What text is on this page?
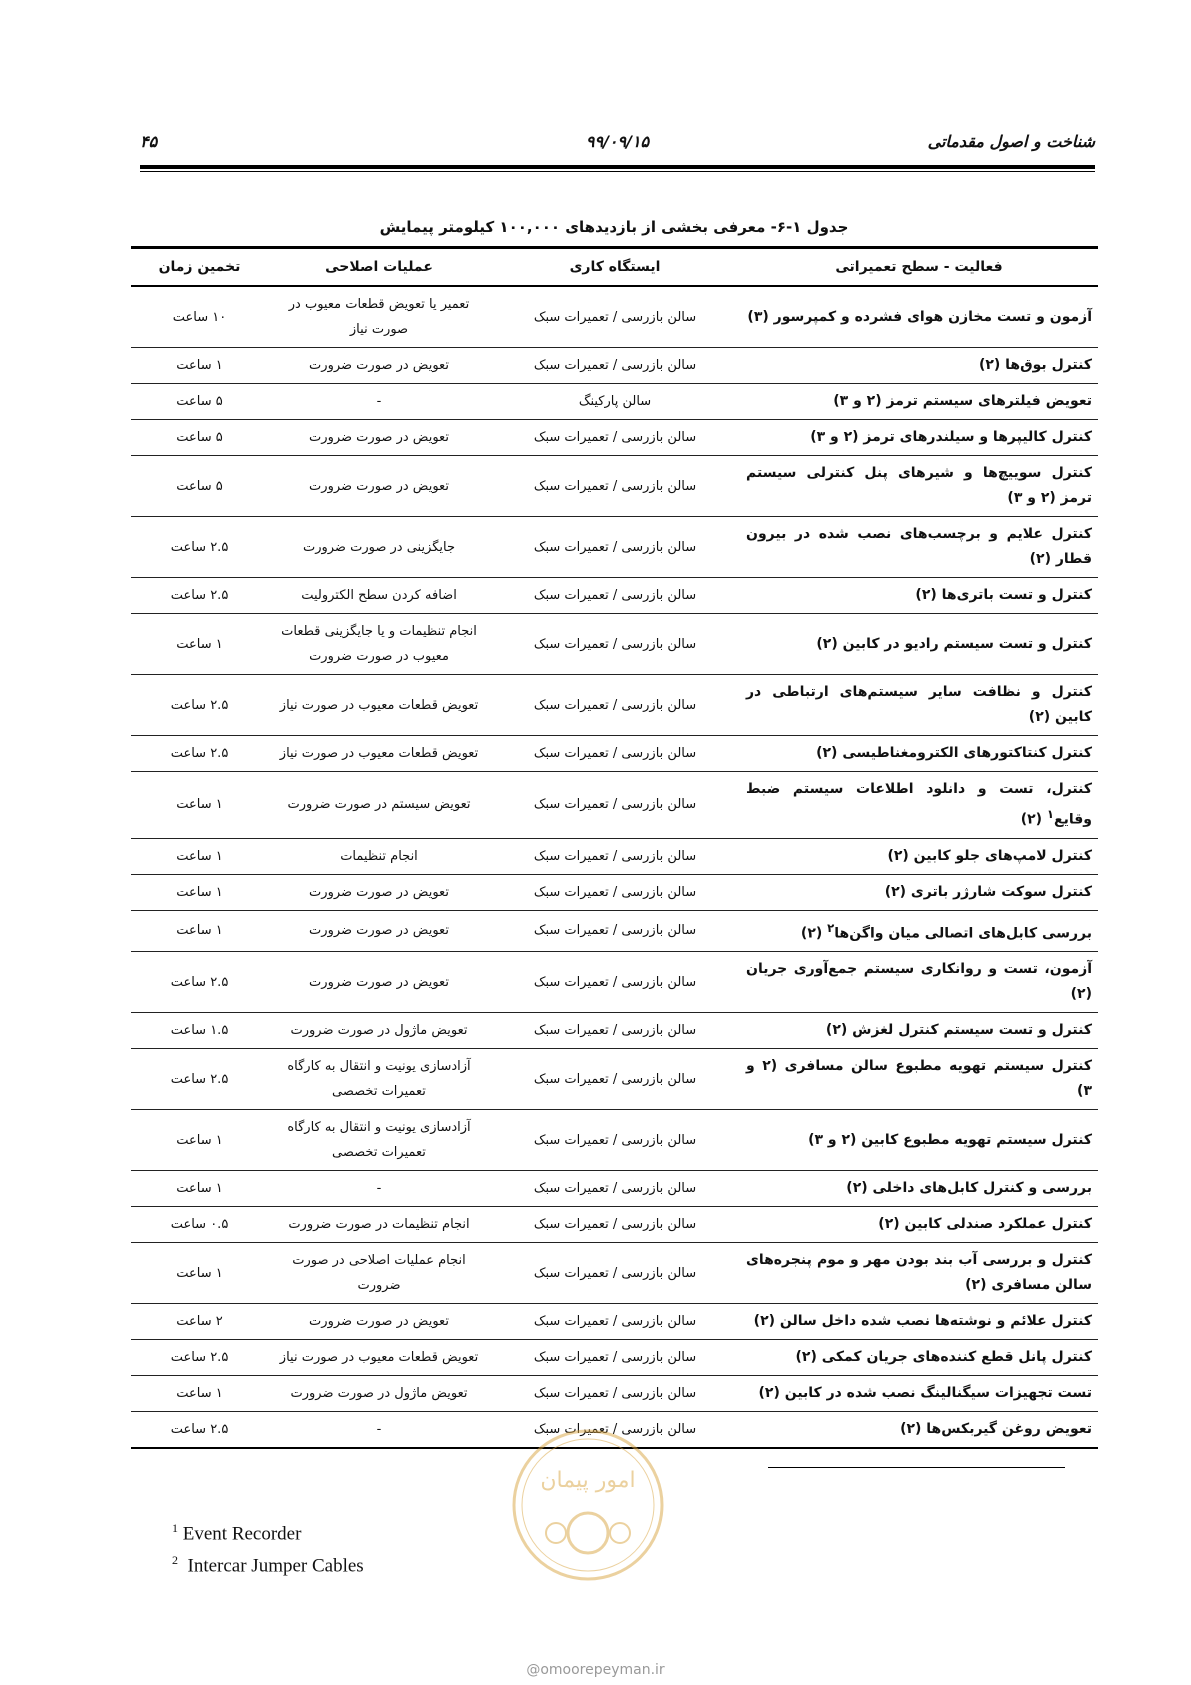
شناخت و اصول مقدماتی
۹۹/۰۹/۱۵
۴۵
جدول ۱-۶- معرفی بخشی از بازدیدهای ۱۰۰,۰۰۰ کیلومتر پیمایش
فعالیت - سطح تعمیراتی	ایستگاه کاری	عملیات اصلاحی	تخمین زمان
آزمون و تست مخازن هوای فشرده و کمپرسور (۳)	سالن بازرسی / تعمیرات سبک	تعمیر یا تعویض قطعات معیوب در صورت نیاز	۱۰ ساعت
کنترل بوق‌ها (۲)	سالن بازرسی / تعمیرات سبک	تعویض در صورت ضرورت	۱ ساعت
تعویض فیلترهای سیستم ترمز (۲ و ۳)	سالن پارکینگ	-	۵ ساعت
کنترل کالیپرها و سیلندرهای ترمز (۲ و ۳)	سالن بازرسی / تعمیرات سبک	تعویض در صورت ضرورت	۵ ساعت
کنترل سوییچ‌ها و شیرهای پنل کنترلی سیستم ترمز (۲ و ۳)	سالن بازرسی / تعمیرات سبک	تعویض در صورت ضرورت	۵ ساعت
کنترل علایم و برچسب‌های نصب شده در بیرون قطار (۲)	سالن بازرسی / تعمیرات سبک	جایگزینی در صورت ضرورت	۲.۵ ساعت
کنترل و تست باتری‌ها (۲)	سالن بازرسی / تعمیرات سبک	اضافه کردن سطح الکترولیت	۲.۵ ساعت
کنترل و تست سیستم رادیو در کابین (۲)	سالن بازرسی / تعمیرات سبک	انجام تنظیمات و یا جایگزینی قطعات معیوب در صورت ضرورت	۱ ساعت
کنترل و نظافت سایر سیستم‌های ارتباطی در کابین (۲)	سالن بازرسی / تعمیرات سبک	تعویض قطعات معیوب در صورت نیاز	۲.۵ ساعت
کنترل کنتاکتورهای الکترومغناطیسی (۲)	سالن بازرسی / تعمیرات سبک	تعویض قطعات معیوب در صورت نیاز	۲.۵ ساعت
کنترل، تست و دانلود اطلاعات سیستم ضبط وقایع$^۱$ (۲)	سالن بازرسی / تعمیرات سبک	تعویض سیستم در صورت ضرورت	۱ ساعت
کنترل لامپ‌های جلو کابین (۲)	سالن بازرسی / تعمیرات سبک	انجام تنظیمات	۱ ساعت
کنترل سوکت شارژر باتری (۲)	سالن بازرسی / تعمیرات سبک	تعویض در صورت ضرورت	۱ ساعت
بررسی کابل‌های اتصالی میان واگن‌ها$^۲$ (۲)	سالن بازرسی / تعمیرات سبک	تعویض در صورت ضرورت	۱ ساعت
آزمون، تست و روانکاری سیستم جمع‌آوری جریان (۲)	سالن بازرسی / تعمیرات سبک	تعویض در صورت ضرورت	۲.۵ ساعت
کنترل و تست سیستم کنترل لغزش (۲)	سالن بازرسی / تعمیرات سبک	تعویض ماژول در صورت ضرورت	۱.۵ ساعت
کنترل سیستم تهویه مطبوع سالن مسافری (۲ و ۳)	سالن بازرسی / تعمیرات سبک	آزادسازی یونیت و انتقال به کارگاه تعمیرات تخصصی	۲.۵ ساعت
کنترل سیستم تهویه مطبوع کابین (۲ و ۳)	سالن بازرسی / تعمیرات سبک	آزادسازی یونیت و انتقال به کارگاه تعمیرات تخصصی	۱ ساعت
بررسی و کنترل کابل‌های داخلی (۲)	سالن بازرسی / تعمیرات سبک	-	۱ ساعت
کنترل عملکرد صندلی کابین (۲)	سالن بازرسی / تعمیرات سبک	انجام تنظیمات در صورت ضرورت	۰.۵ ساعت
کنترل و بررسی آب بند بودن مهر و موم پنجره‌های سالن مسافری (۲)	سالن بازرسی / تعمیرات سبک	انجام عملیات اصلاحی در صورت ضرورت	۱ ساعت
کنترل علائم و نوشته‌ها نصب شده داخل سالن (۲)	سالن بازرسی / تعمیرات سبک	تعویض در صورت ضرورت	۲ ساعت
کنترل پانل قطع کننده‌های جریان کمکی (۲)	سالن بازرسی / تعمیرات سبک	تعویض قطعات معیوب در صورت نیاز	۲.۵ ساعت
تست تجهیزات سیگنالینگ نصب شده در کابین (۲)	سالن بازرسی / تعمیرات سبک	تعویض ماژول در صورت ضرورت	۱ ساعت
تعویض روغن گیربکس‌ها (۲)	سالن بازرسی / تعمیرات سبک	-	۲.۵ ساعت
$^1$ Event Recorder
$^2$ Intercar Jumper Cables
امور پیمان
@omoorepeyman.ir
